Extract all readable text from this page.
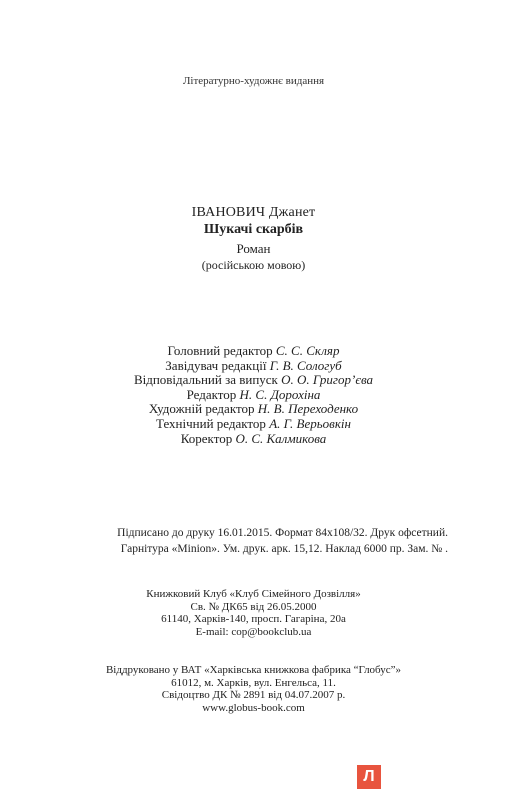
Літературно-художнє видання
ІВАНОВИЧ Джанет
Шукачі скарбів
Роман
(російською мовою)
Головний редактор С. С. Скляр
Завідувач редакції Г. В. Сологуб
Відповідальний за випуск О. О. Григор’єва
Редактор Н. С. Дорохіна
Художній редактор Н. В. Переходенко
Технічний редактор А. Г. Верьовкін
Коректор О. С. Калмикова
Підписано до друку 16.01.2015. Формат 84x108/32. Друк офсетний.
Гарнітура «Minion». Ум. друк. арк. 15,12. Наклад 6000 пр. Зам. № .
Книжковий Клуб «Клуб Сімейного Дозвілля»
Св. № ДК65 від 26.05.2000
61140, Харків-140, просп. Гагаріна, 20а
E-mail: cop@bookclub.ua
Віддруковано у ВАТ «Харківська книжкова фабрика “Глобус”»
61012, м. Харків, вул. Енгельса, 11.
Свідоцтво ДК № 2891 від 04.07.2007 р.
www.globus-book.com
Л
